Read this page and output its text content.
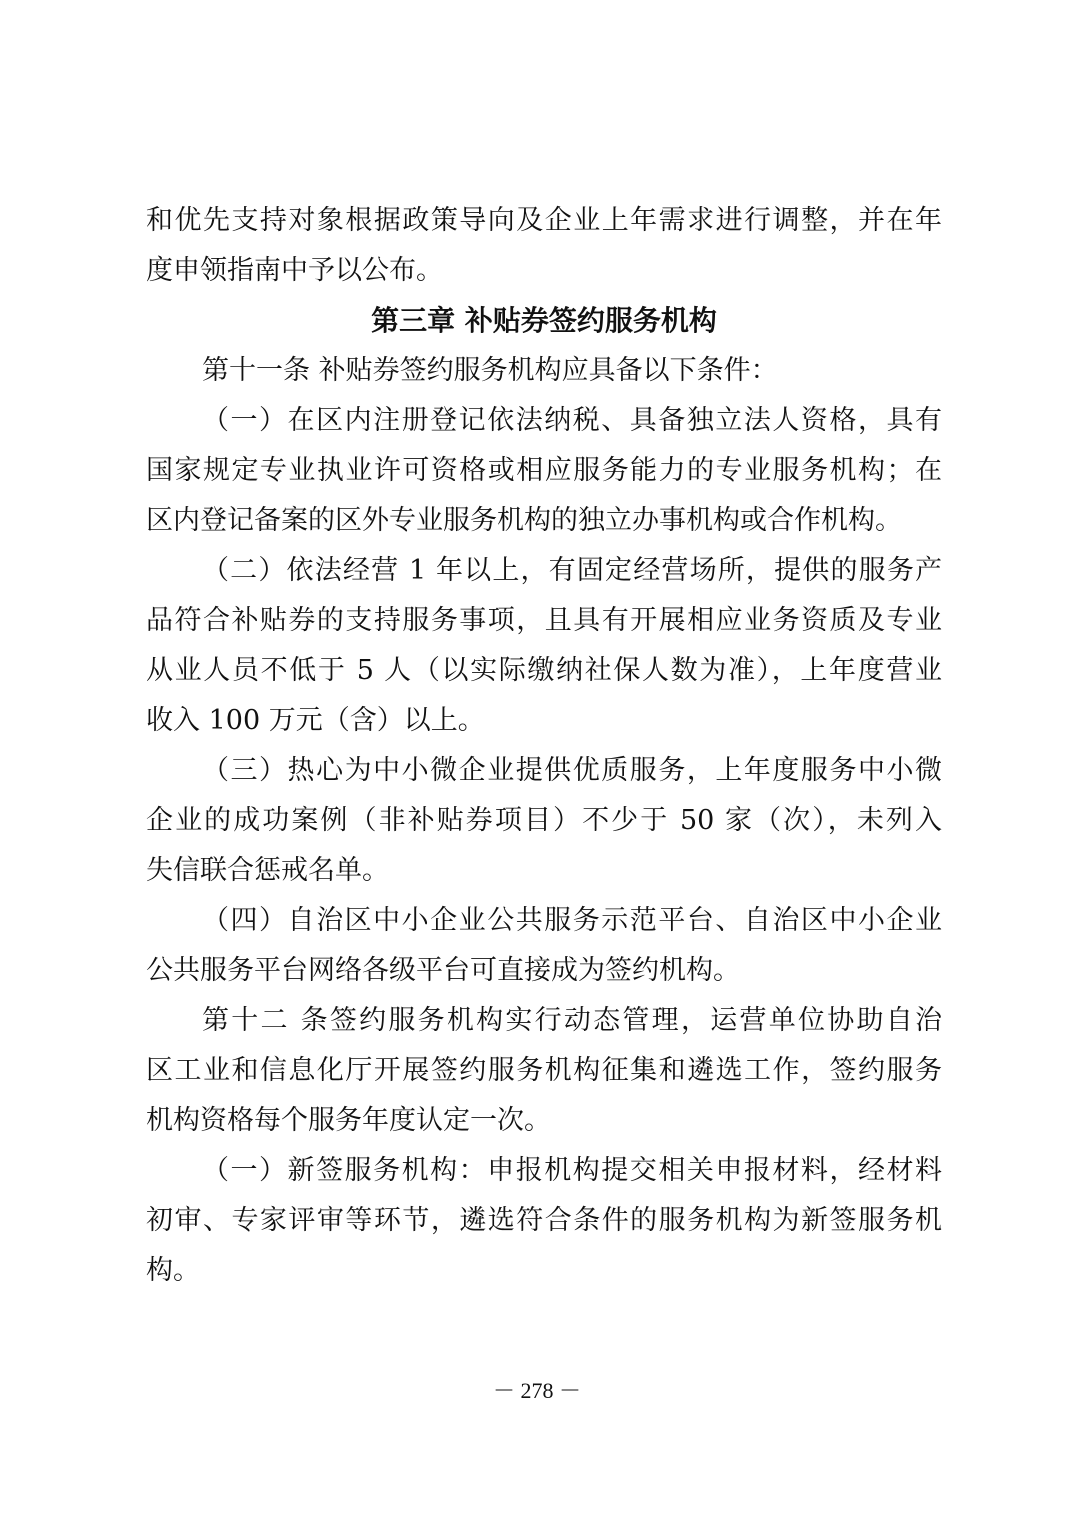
和优先支持对象根据政策导向及企业上年需求进行调整，并在年
度申领指南中予以公布。
第三章 补贴券签约服务机构
第十一条 补贴券签约服务机构应具备以下条件：
（一）在区内注册登记依法纳税、具备独立法人资格，具有
国家规定专业执业许可资格或相应服务能力的专业服务机构；在
区内登记备案的区外专业服务机构的独立办事机构或合作机构。
（二）依法经营 1 年以上，有固定经营场所，提供的服务产
品符合补贴券的支持服务事项，且具有开展相应业务资质及专业
从业人员不低于 5 人（以实际缴纳社保人数为准），上年度营业
收入 100 万元（含）以上。
（三）热心为中小微企业提供优质服务，上年度服务中小微
企业的成功案例（非补贴券项目）不少于 50 家（次），未列入
失信联合惩戒名单。
（四）自治区中小企业公共服务示范平台、自治区中小企业
公共服务平台网络各级平台可直接成为签约机构。
第十二 条签约服务机构实行动态管理，运营单位协助自治
区工业和信息化厅开展签约服务机构征集和遴选工作，签约服务
机构资格每个服务年度认定一次。
（一）新签服务机构：申报机构提交相关申报材料，经材料
初审、专家评审等环节，遴选符合条件的服务机构为新签服务机
构。
－ 278 －
